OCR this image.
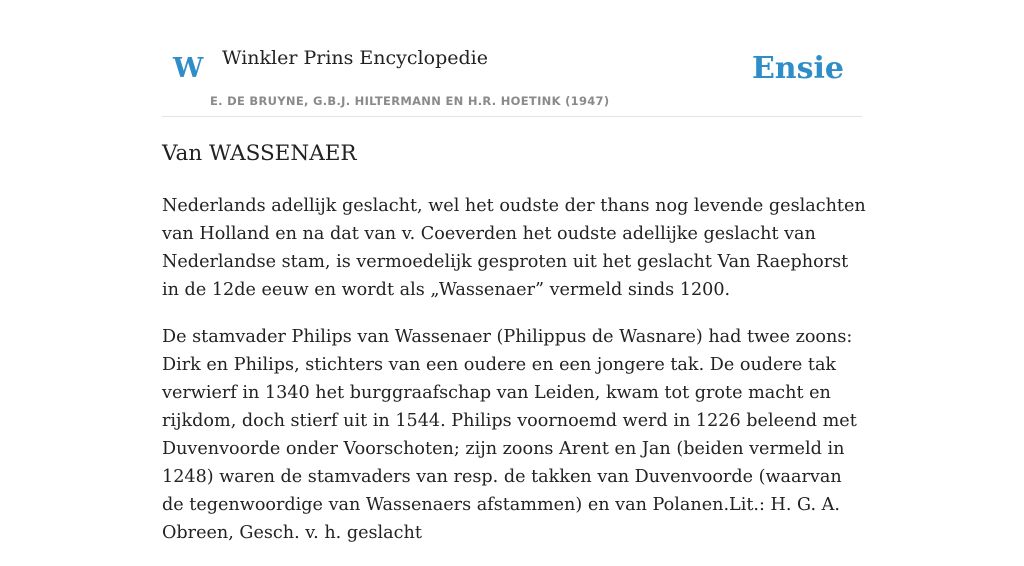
W Winkler Prins Encyclopedie
E. DE BRUYNE, G.B.J. HILTERMANN EN H.R. HOETINK (1947)
Ensie
Van WASSENAER

Nederlands adellijk geslacht, wel het oudste der thans nog levende geslachten van Holland en na dat van v. Coeverden het oudste adellijke geslacht van Nederlandse stam, is vermoedelijk gesproten uit het geslacht Van Raephorst in de 12de eeuw en wordt als „Wassenaer” vermeld sinds 1200.

De stamvader Philips van Wassenaer (Philippus de Wasnare) had twee zoons: Dirk en Philips, stichters van een oudere en een jongere tak. De oudere tak verwierf in 1340 het burggraafschap van Leiden, kwam tot grote macht en rijkdom, doch stierf uit in 1544. Philips voornoemd werd in 1226 beleend met Duvenvoorde onder Voorschoten; zijn zoons Arent en Jan (beiden vermeld in 1248) waren de stamvaders van resp. de takken van Duvenvoorde (waarvan de tegenwoordige van Wassenaers afstammen) en van Polanen.Lit.: H. G. A. Obreen, Gesch. v. h. geslacht
